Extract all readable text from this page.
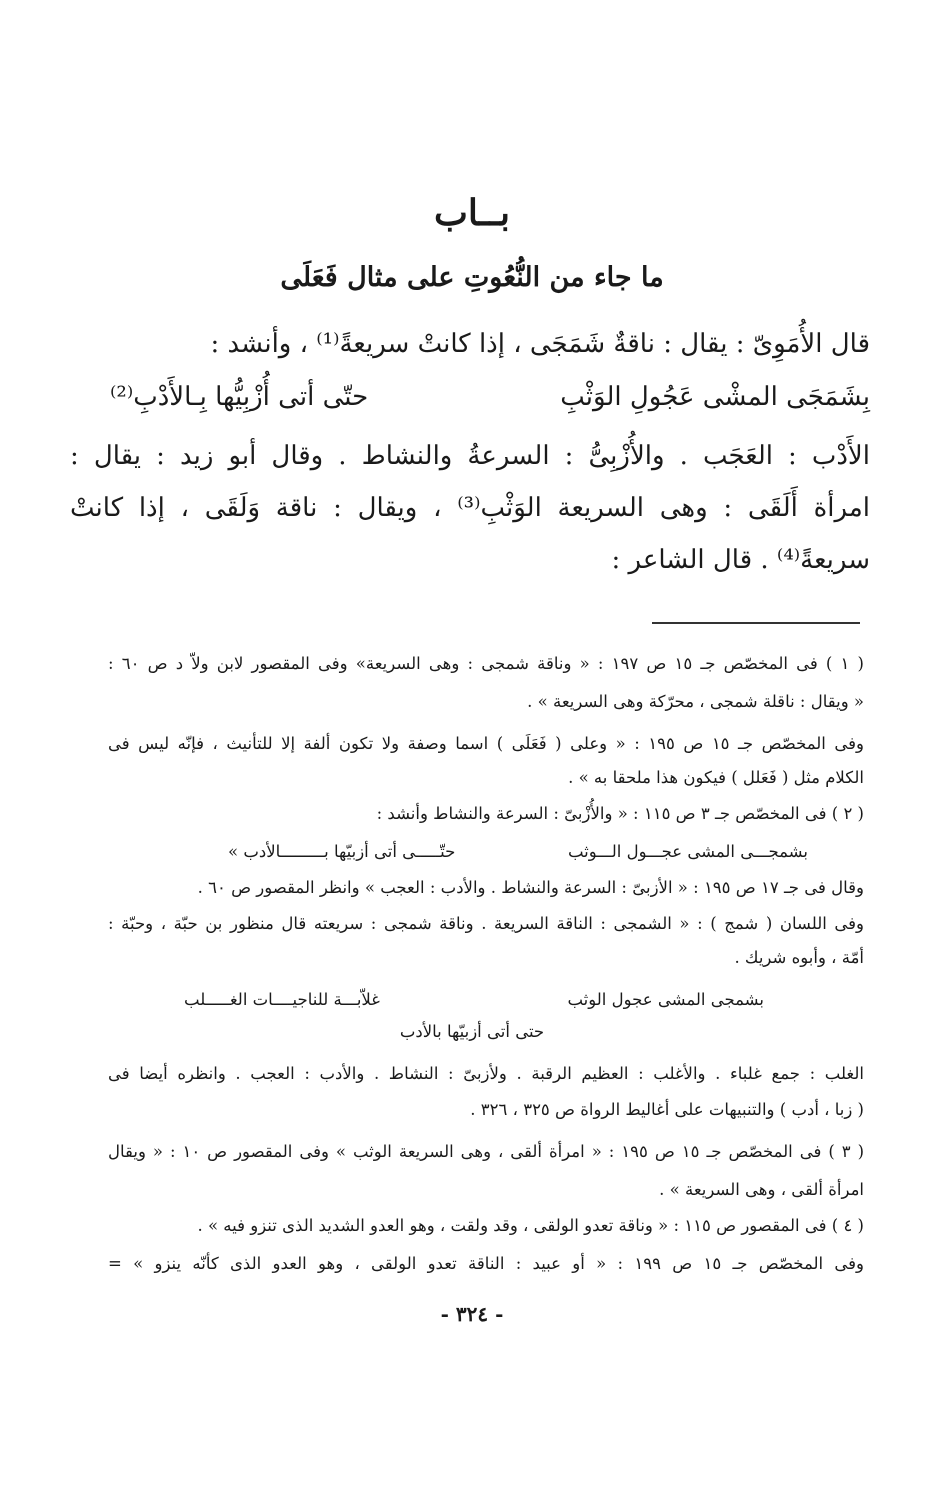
بــاب
ما جاء من النُّعُوتِ على مثال فَعَلَى
قال الأُمَوِىّ : يقال : ناقةٌ شَمَجَى ، إذا كانتْ سريعةً⁽¹⁾ ، وأنشد :
بِشَمَجَى المشْى عَجُولِ الوَثْبِ
حتّى أتى أُزْبِيُّها بِـالأَدْبِ⁽²⁾
الأَدْب : العَجَب . والأُزْبِىُّ : السرعةُ والنشاط . وقال أبو زيد : يقال :
امرأة أَلَقَى : وهى السريعة الوَثْبِ⁽³⁾ ، ويقال : ناقة وَلَقَى ، إذا كانتْ
سريعةً⁽⁴⁾ . قال الشاعر :
( ١ ) فى المخصّص جـ ١٥ ص ١٩٧ : « وناقة شمجى : وهى السريعة» وفى المقصور لابن ولاّ د ص ٦٠ :
« ويقال : ناقلة شمجى ، محرّكة وهى السريعة » .
وفى المخصّص جـ ١٥ ص ١٩٥ : « وعلى ( فَعَلَى ) اسما وصفة ولا تكون ألفة إلا للتأنيث ، فإنّه ليس فى
الكلام مثل ( فَعَلل ) فيكون هذا ملحقا به » .
( ٢ ) فى المخصّص جـ ٣ ص ١١٥ : « والأُزْبىّ : السرعة والنشاط وأنشد :
بشمجـــى المشى عجـــول الـــوثب
حتّـــــى أتى أزبيّها بـــــــــالأدب »
وقال فى جـ ١٧ ص ١٩٥ : « الأزبىّ : السرعة والنشاط . والأدب : العجب » وانظر المقصور ص ٦٠ .
وفى اللسان ( شمج ) : « الشمجى : الناقة السريعة . وناقة شمجى : سريعته قال منظور بن حبّة ، وحبّة :
أمّة ، وأبوه شريك .
بشمجى المشى عجول الوثب
غلاّبـــة للناجيــــات الغـــــلب
حتى أتى أزبيّها بالأدب
الغلب : جمع غلباء . والأغلب : العظيم الرقبة . ولأزبىّ : النشاط . والأدب : العجب . وانظره أيضا فى
( زبا ، أدب ) والتنبيهات على أغاليط الرواة ص ٣٢٥ ، ٣٢٦ .
( ٣ ) فى المخصّص جـ ١٥ ص ١٩٥ : « امرأة ألقى ، وهى السريعة الوثب » وفى المقصور ص ١٠ : « ويقال
امرأة ألقى ، وهى السريعة » .
( ٤ ) فى المقصور ص ١١٥ : « وناقة تعدو الولقى ، وقد ولقت ، وهو العدو الشديد الذى تنزو فيه » .
وفى المخصّص جـ ١٥ ص ١٩٩ : « أو عبيد : الناقة تعدو الولقى ، وهو العدو الذى كأنّه ينزو » =
- ٣٢٤ -
